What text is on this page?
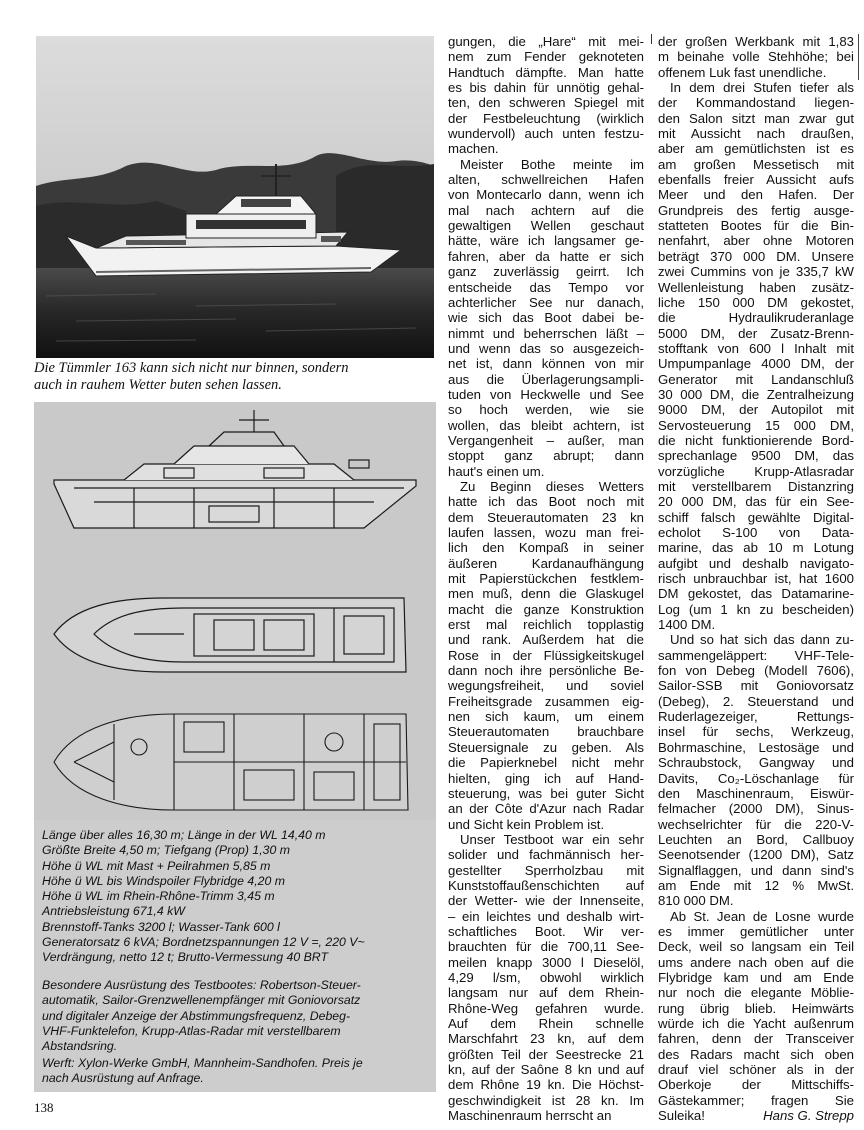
Die Tümmler 163 kann sich nicht nur binnen, sondern
auch in rauhem Wetter buten sehen lassen.

Länge über alles 16,30 m; Länge in der WL 14,40 m
Größte Breite 4,50 m; Tiefgang (Prop) 1,30 m
Höhe ü WL mit Mast + Peilrahmen 5,85 m
Höhe ü WL bis Windspoiler Flybridge 4,20 m
Höhe ü WL im Rhein-Rhône-Trimm 3,45 m
Antriebsleistung 671,4 kW
Brennstoff-Tanks 3200 l; Wasser-Tank 600 l
Generatorsatz 6 kVA; Bordnetzspannungen 12 V =, 220 V~
Verdrängung, netto 12 t; Brutto-Vermessung 40 BRT

Besondere Ausrüstung des Testbootes: Robertson-Steuer-
automatik, Sailor-Grenzwellenempfänger mit Goniovorsatz
und digitaler Anzeige der Abstimmungsfrequenz, Debeg-
VHF-Funktelefon, Krupp-Atlas-Radar mit verstellbarem
Abstandsring.

Werft: Xylon-Werke GmbH, Mannheim-Sandhofen. Preis je
nach Ausrüstung auf Anfrage.

gungen, die „Hare“ mit mei-
nem zum Fender geknoteten
Handtuch dämpfte. Man hatte
es bis dahin für unnötig gehal-
ten, den schweren Spiegel mit
der Festbeleuchtung (wirklich
wundervoll) auch unten festzu-
machen.

Meister Bothe meinte im
alten, schwellreichen Hafen
von Montecarlo dann, wenn ich
mal nach achtern auf die
gewaltigen Wellen geschaut
hätte, wäre ich langsamer ge-
fahren, aber da hatte er sich
ganz zuverlässig geirrt. Ich
entscheide das Tempo vor
achterlicher See nur danach,
wie sich das Boot dabei be-
nimmt und beherrschen läßt –
und wenn das so ausgezeich-
net ist, dann können von mir
aus die Überlagerungsampli-
tuden von Heckwelle und See
so hoch werden, wie sie
wollen, das bleibt achtern, ist
Vergangenheit – außer, man
stoppt ganz abrupt; dann
haut's einen um.

Zu Beginn dieses Wetters
hatte ich das Boot noch mit
dem Steuerautomaten 23 kn
laufen lassen, wozu man frei-
lich den Kompaß in seiner
äußeren Kardanaufhängung
mit Papierstückchen festklem-
men muß, denn die Glaskugel
macht die ganze Konstruktion
erst mal reichlich topplastig
und rank. Außerdem hat die
Rose in der Flüssigkeitskugel
dann noch ihre persönliche Be-
wegungsfreiheit, und soviel
Freiheitsgrade zusammen eig-
nen sich kaum, um einem
Steuerautomaten brauchbare
Steuersignale zu geben. Als
die Papierknebel nicht mehr
hielten, ging ich auf Hand-
steuerung, was bei guter Sicht
an der Côte d'Azur nach Radar
und Sicht kein Problem ist.

Unser Testboot war ein sehr
solider und fachmännisch her-
gestellter Sperrholzbau mit
Kunststoffaußenschichten auf
der Wetter- wie der Innenseite,
– ein leichtes und deshalb wirt-
schaftliches Boot. Wir ver-
brauchten für die 700,11 See-
meilen knapp 3000 l Dieselöl,
4,29 l/sm, obwohl wirklich
langsam nur auf dem Rhein-
Rhône-Weg gefahren wurde.
Auf dem Rhein schnelle
Marschfahrt 23 kn, auf dem
größten Teil der Seestrecke 21
kn, auf der Saône 8 kn und auf
dem Rhône 19 kn. Die Höchst-
geschwindigkeit ist 28 kn. Im
Maschinenraum herrscht an

der großen Werkbank mit 1,83
m beinahe volle Stehhöhe; bei
offenem Luk fast unendliche.

In dem drei Stufen tiefer als
der Kommandostand liegen-
den Salon sitzt man zwar gut
mit Aussicht nach draußen,
aber am gemütlichsten ist es
am großen Messetisch mit
ebenfalls freier Aussicht aufs
Meer und den Hafen. Der
Grundpreis des fertig ausge-
statteten Bootes für die Bin-
nenfahrt, aber ohne Motoren
beträgt 370 000 DM. Unsere
zwei Cummins von je 335,7 kW
Wellenleistung haben zusätz-
liche 150 000 DM gekostet,
die Hydraulikruderanlage
5000 DM, der Zusatz-Brenn-
stofftank von 600 l Inhalt mit
Umpumpanlage 4000 DM, der
Generator mit Landanschluß
30 000 DM, die Zentralheizung
9000 DM, der Autopilot mit
Servosteuerung 15 000 DM,
die nicht funktionierende Bord-
sprechanlage 9500 DM, das
vorzügliche Krupp-Atlasradar
mit verstellbarem Distanzring
20 000 DM, das für ein See-
schiff falsch gewählte Digital-
echolot S-100 von Data-
marine, das ab 10 m Lotung
aufgibt und deshalb navigato-
risch unbrauchbar ist, hat 1600
DM gekostet, das Datamarine-
Log (um 1 kn zu bescheiden)
1400 DM.

Und so hat sich das dann zu-
sammengeläppert: VHF-Tele-
fon von Debeg (Modell 7606),
Sailor-SSB mit Goniovorsatz
(Debeg), 2. Steuerstand und
Ruderlagezeiger, Rettungs-
insel für sechs, Werkzeug,
Bohrmaschine, Lestosäge und
Schraubstock, Gangway und
Davits, Co₂-Löschanlage für
den Maschinenraum, Eiswür-
felmacher (2000 DM), Sinus-
wechselrichter für die 220-V-
Leuchten an Bord, Callbuoy
Seenotsender (1200 DM), Satz
Signalflaggen, und dann sind's
am Ende mit 12 % MwSt.
810 000 DM.

Ab St. Jean de Losne wurde
es immer gemütlicher unter
Deck, weil so langsam ein Teil
ums andere nach oben auf die
Flybridge kam und am Ende
nur noch die elegante Möblie-
rung übrig blieb. Heimwärts
würde ich die Yacht außenrum
fahren, denn der Transceiver
des Radars macht sich oben
drauf viel schöner als in der
Oberkoje der Mittschiffs-
Gästekammer; fragen Sie
Suleika!	Hans G. Strepp

138
